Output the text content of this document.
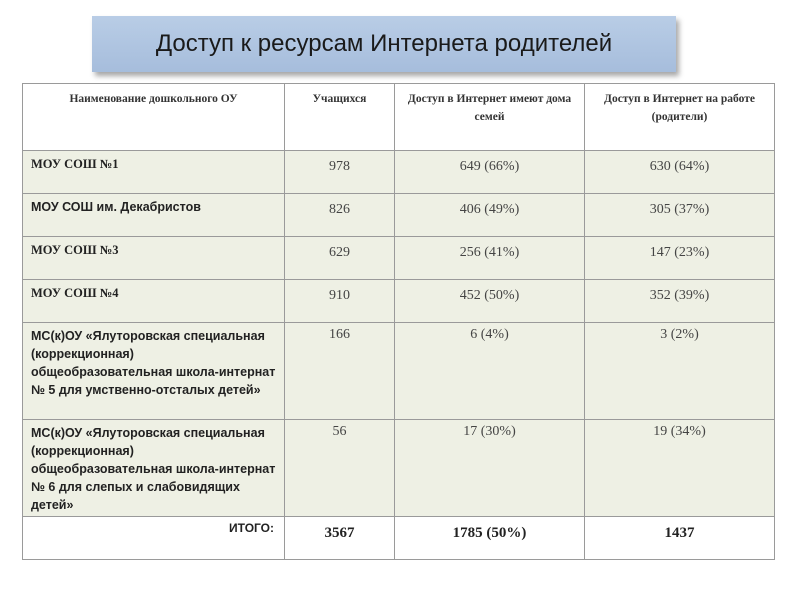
Доступ к ресурсам Интернета родителей
Наименование дошкольного ОУ	Учащихся	Доступ в Интернет имеют дома семей	Доступ в Интернет на работе (родители)
МОУ СОШ №1	978	649 (66%)	630 (64%)
МОУ СОШ им. Декабристов	826	406 (49%)	305 (37%)
МОУ СОШ №3	629	256 (41%)	147 (23%)
МОУ СОШ №4	910	452 (50%)	352 (39%)
МС(к)ОУ «Ялуторовская специальная (коррекционная) общеобразовательная школа-интернат № 5 для умственно-отсталых детей»	166	6 (4%)	3 (2%)
МС(к)ОУ «Ялуторовская специальная (коррекционная) общеобразовательная школа-интернат № 6 для слепых и слабовидящих детей»	56	17 (30%)	19 (34%)
ИТОГО:	3567	1785 (50%)	1437
